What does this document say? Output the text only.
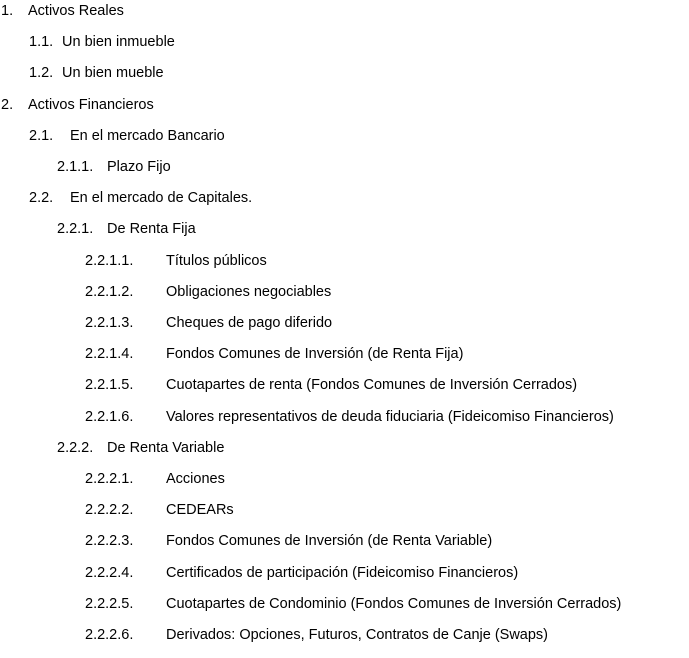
1. Activos Reales
1.1. Un bien inmueble
1.2. Un bien mueble
2. Activos Financieros
2.1. En el mercado Bancario
2.1.1. Plazo Fijo
2.2. En el mercado de Capitales.
2.2.1. De Renta Fija
2.2.1.1. Títulos públicos
2.2.1.2. Obligaciones negociables
2.2.1.3. Cheques de pago diferido
2.2.1.4. Fondos Comunes de Inversión (de Renta Fija)
2.2.1.5. Cuotapartes de renta (Fondos Comunes de Inversión Cerrados)
2.2.1.6. Valores representativos de deuda fiduciaria (Fideicomiso Financieros)
2.2.2. De Renta Variable
2.2.2.1. Acciones
2.2.2.2. CEDEARs
2.2.2.3. Fondos Comunes de Inversión (de Renta Variable)
2.2.2.4. Certificados de participación (Fideicomiso Financieros)
2.2.2.5. Cuotapartes de Condominio (Fondos Comunes de Inversión Cerrados)
2.2.2.6. Derivados: Opciones, Futuros, Contratos de Canje (Swaps)
